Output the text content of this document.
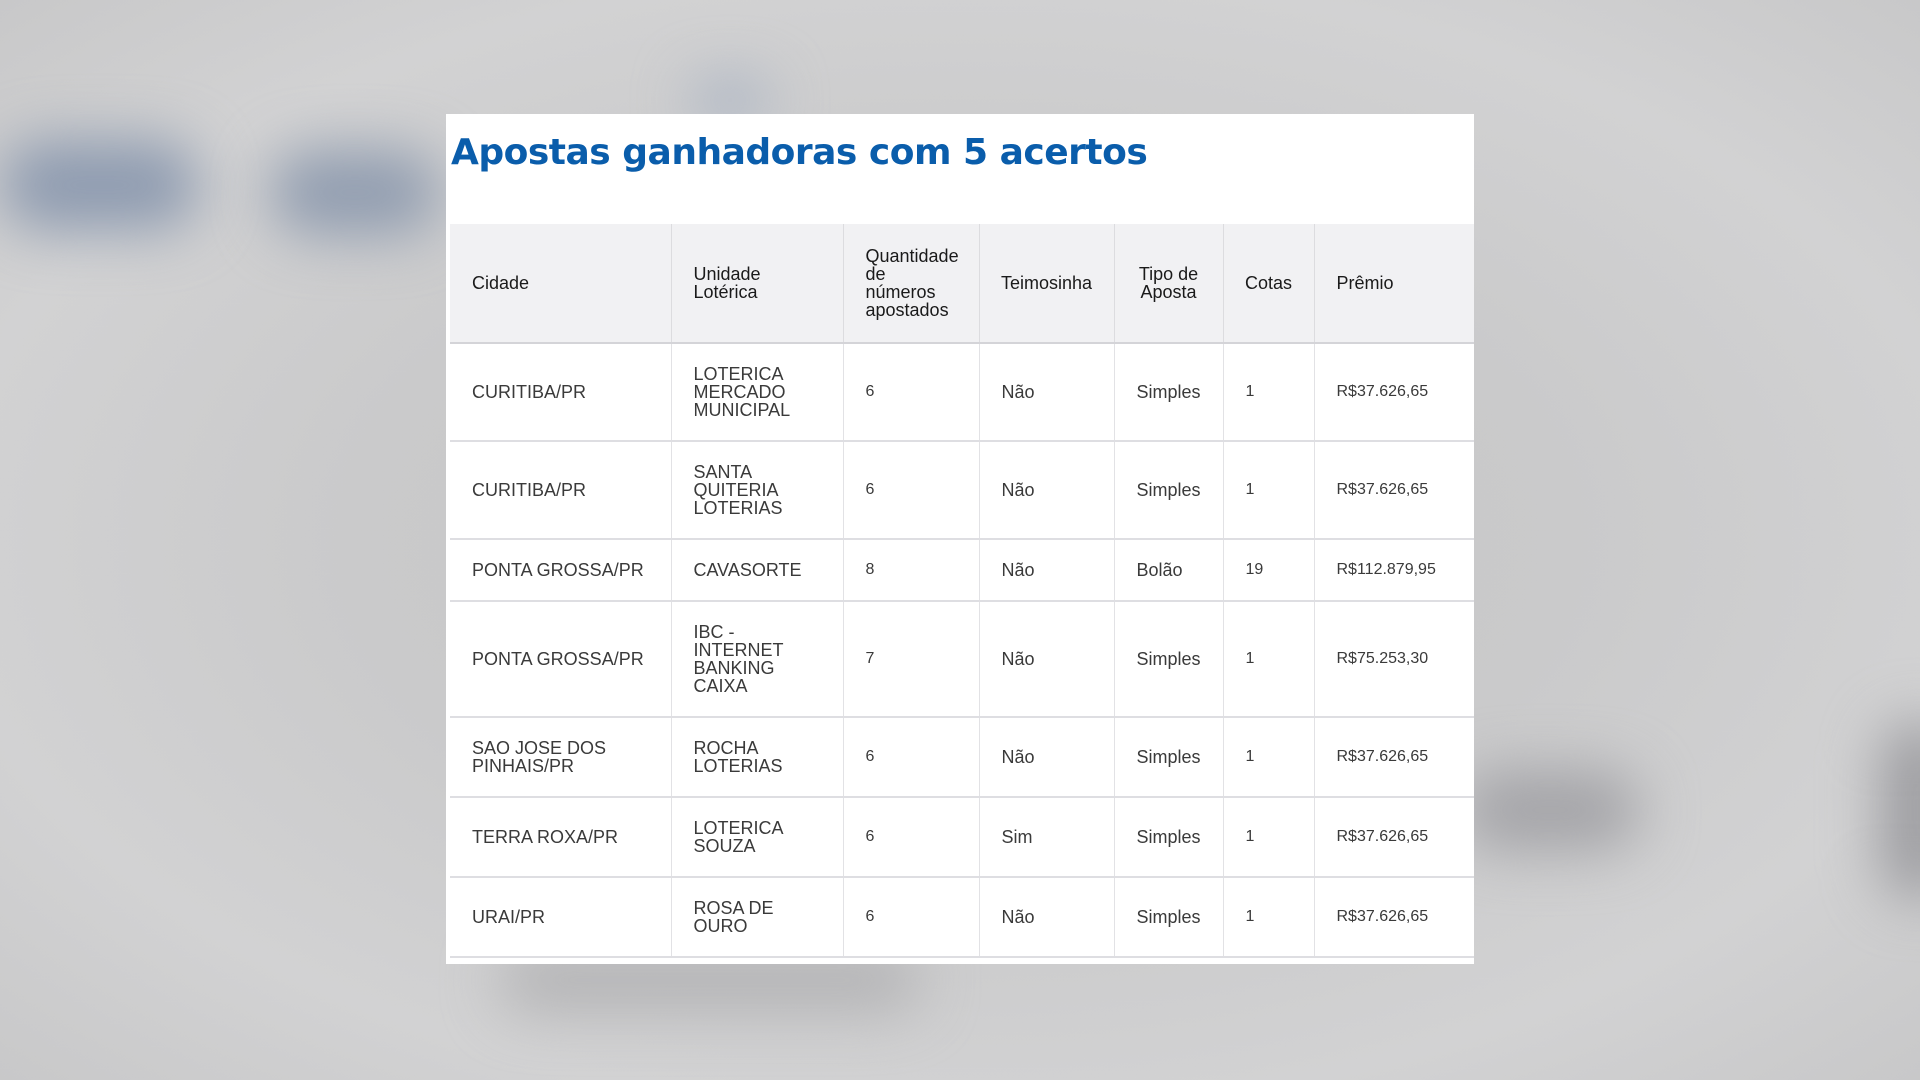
Apostas ganhadoras com 5 acertos
Cidade	Unidade Lotérica	Quantidade de números apostados	Teimosinha	Tipo de Aposta	Cotas	Prêmio
CURITIBA/PR	LOTERICA MERCADO MUNICIPAL	6	Não	Simples	1	R$37.626,65
CURITIBA/PR	SANTA QUITERIA LOTERIAS	6	Não	Simples	1	R$37.626,65
PONTA GROSSA/PR	CAVASORTE	8	Não	Bolão	19	R$112.879,95
PONTA GROSSA/PR	IBC - INTERNET BANKING CAIXA	7	Não	Simples	1	R$75.253,30
SAO JOSE DOS PINHAIS/PR	ROCHA LOTERIAS	6	Não	Simples	1	R$37.626,65
TERRA ROXA/PR	LOTERICA SOUZA	6	Sim	Simples	1	R$37.626,65
URAI/PR	ROSA DE OURO	6	Não	Simples	1	R$37.626,65
